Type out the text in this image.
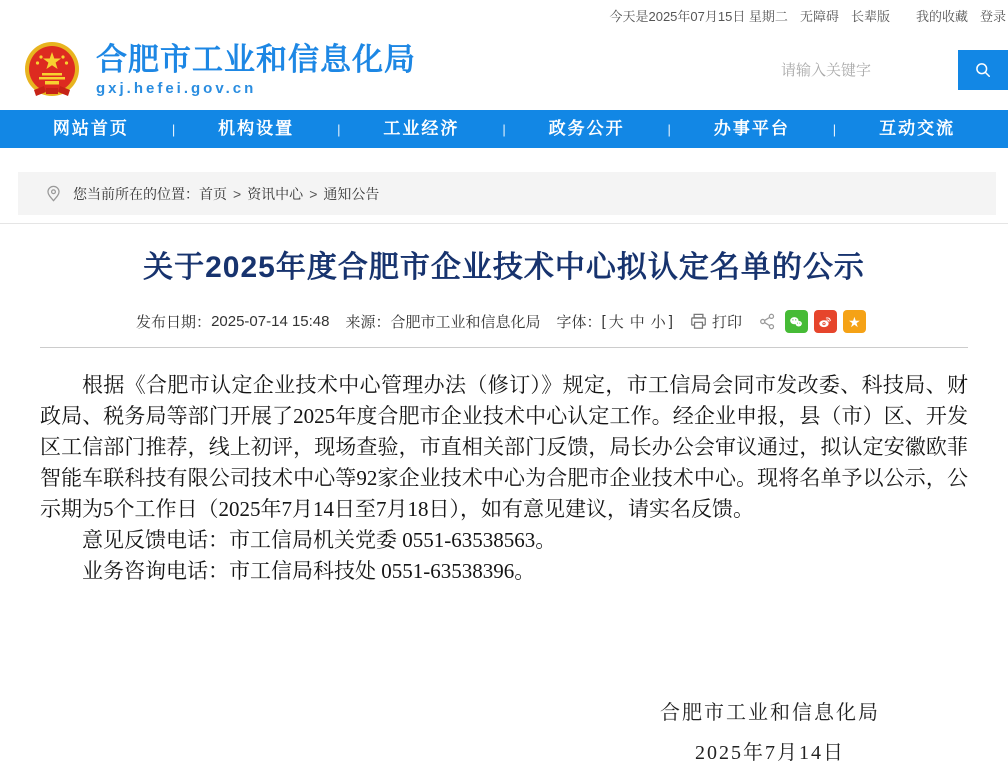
今天是2025年07月15日 星期二 无障碍 长辈版 我的收藏 登录
合肥市工业和信息化局
gxj.hefei.gov.cn
请输入关键字
网站首页	|	机构设置	|	工业经济	|	政务公开	|	办事平台	|	互动交流
您当前所在的位置： 首页 > 资讯中心 > 通知公告
关于2025年度合肥市企业技术中心拟认定名单的公示
发布日期： 2025-07-14 15:48 来源： 合肥市工业和信息化局 字体： [ 大 中 小 ]	打印	★

根据《合肥市认定企业技术中心管理办法（修订）》规定，市工信局会同市发改委、科技局、财政局、税务局等部门开展了2025年度合肥市企业技术中心认定工作。经企业申报，县（市）区、开发区工信部门推荐，线上初评，现场查验，市直相关部门反馈，局长办公会审议通过，拟认定安徽欧菲智能车联科技有限公司技术中心等92家企业技术中心为合肥市企业技术中心。现将名单予以公示，公示期为5个工作日（2025年7月14日至7月18日），如有意见建议，请实名反馈。

意见反馈电话：市工信局机关党委 0551-63538563。

业务咨询电话：市工信局科技处 0551-63538396。

合肥市工业和信息化局
2025年7月14日
